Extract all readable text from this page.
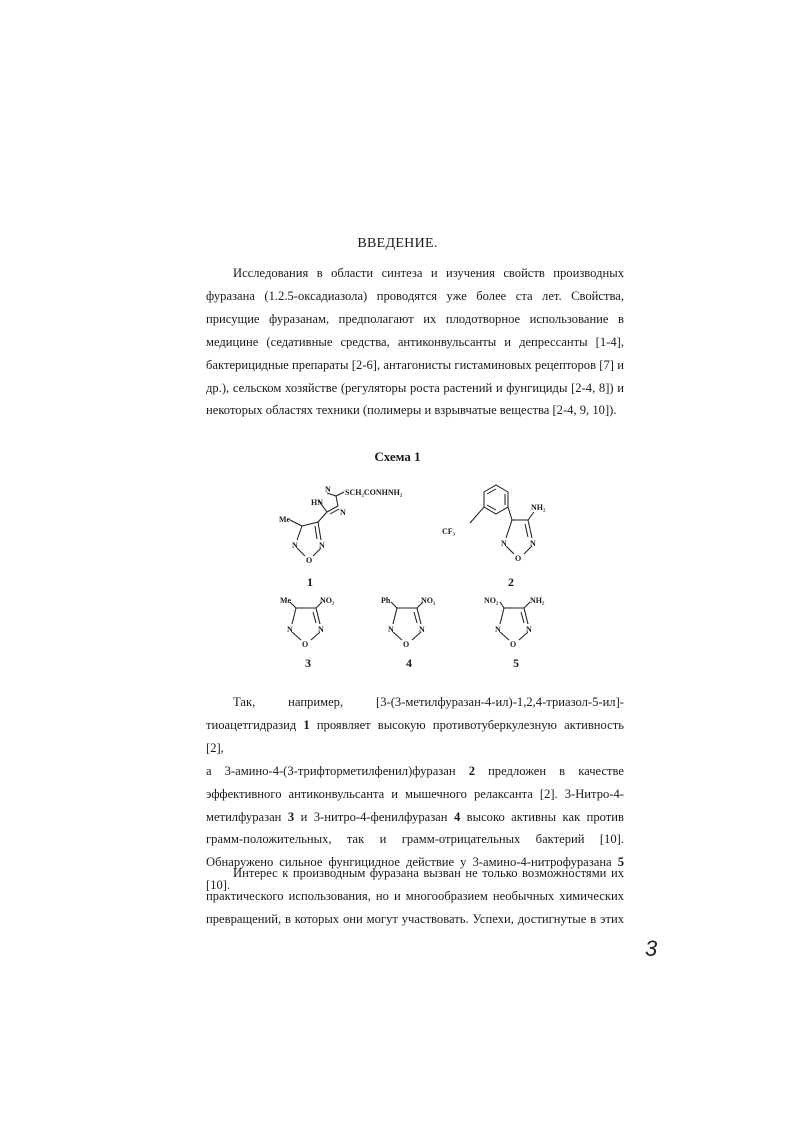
ВВЕДЕНИЕ.

Исследования в области синтеза и изучения свойств производных
фуразана (1.2.5-оксадиазола) проводятся уже более ста лет. Свойства,
присущие фуразанам, предполагают их плодотворное использование в
медицине (седативные средства, антиконвульсанты и депрессанты [1-4],
бактерицидные препараты [2-6], антагонисты гистаминовых рецепторов [7] и
др.), сельском хозяйстве (регуляторы роста растений и фунгициды [2-4, 8]) и
некоторых областях техники (полимеры и взрывчатые вещества [2-4, 9, 10]).

Схема 1
HN
N
N
SCH₂CONHNH₂
Me
N	N
O
1
CF₃
NH₂
N	N
O
2
Me	NO₂
N	N
O
3
Ph	NO₂
N	N
O
4
NO₂	NH₂
N	N
O
5

Так,	например,	[3-(3-метилфуразан-4-ил)-1,2,4-триазол-5-ил]-
тиоацетгидразид 1 проявляет высокую противотуберкулезную активность [2],
а 3-амино-4-(3-трифторметилфенил)фуразан 2 предложен в качестве
эффективного антиконвульсанта и мышечного релаксанта [2]. 3-Нитро-4-
метилфуразан 3 и 3-нитро-4-фенилфуразан 4 высоко активны как против
грамм-положительных, так и грамм-отрицательных бактерий [10].
Обнаружено сильное фунгицидное действие у 3-амино-4-нитрофуразана 5
[10].

Интерес к производным фуразана вызван не только возможностями их
практического использования, но и многообразием необычных химических
превращений, в которых они могут участвовать. Успехи, достигнутые в этих

3
